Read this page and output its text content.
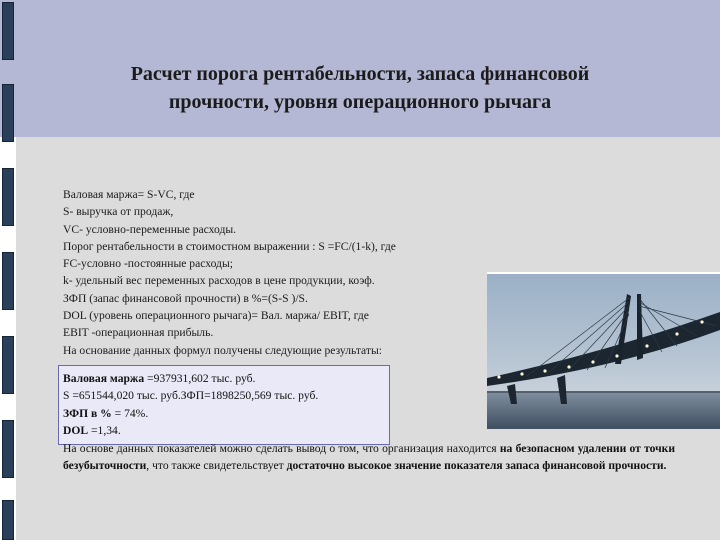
Расчет порога рентабельности, запаса финансовой
прочности, уровня операционного рычага
Валовая маржа= S-VC, где
S- выручка от продаж,
VC- условно-переменные расходы.
Порог рентабельности в стоимостном выражении : S =FC/(1-k), где
FC-условно -постоянные расходы;
k- удельный вес переменных расходов в цене продукции, коэф.
ЗФП (запас финансовой прочности) в %=(S-S )/S.
DOL (уровень операционного рычага)= Вал. маржа/ EBIT, где
EBIT -операционная прибыль.
На основание данных формул получены следующие результаты:
Валовая маржа =937931,602 тыс. руб.
S =651544,020 тыс. руб.ЗФП=1898250,569 тыс. руб.
ЗФП в % = 74%.
DOL =1,34.
На основе данных показателей можно сделать вывод о том, что организация находится на безопасном удалении от точки безубыточности, что также свидетельствует достаточно высокое значение показателя запаса финансовой прочности.
